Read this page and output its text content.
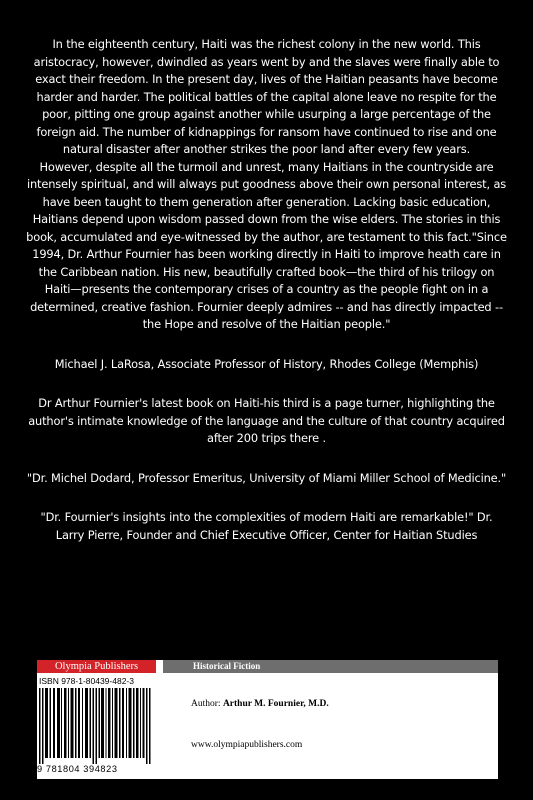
In the eighteenth century, Haiti was the richest colony in the new world. This aristocracy, however, dwindled as years went by and the slaves were finally able to exact their freedom. In the present day, lives of the Haitian peasants have become harder and harder. The political battles of the capital alone leave no respite for the poor, pitting one group against another while usurping a large percentage of the foreign aid. The number of kidnappings for ransom have continued to rise and one natural disaster after another strikes the poor land after every few years.

However, despite all the turmoil and unrest, many Haitians in the countryside are intensely spiritual, and will always put goodness above their own personal interest, as have been taught to them generation after generation. Lacking basic education, Haitians depend upon wisdom passed down from the wise elders. The stories in this book, accumulated and eye-witnessed by the author, are testament to this fact."Since 1994, Dr. Arthur Fournier has been working directly in Haiti to improve heath care in the Caribbean nation. His new, beautifully crafted book—the third of his trilogy on Haiti—presents the contemporary crises of a country as the people fight on in a determined, creative fashion. Fournier deeply admires -- and has directly impacted -- the Hope and resolve of the Haitian people."

Michael J. LaRosa, Associate Professor of History, Rhodes College (Memphis)

Dr Arthur Fournier's latest book on Haiti-his third is a page turner, highlighting the author's intimate knowledge of the language and the culture of that country acquired after 200 trips there .

"Dr. Michel Dodard, Professor Emeritus, University of Miami Miller School of Medicine."

"Dr. Fournier's insights into the complexities of modern Haiti are remarkable!" Dr. Larry Pierre, Founder and Chief Executive Officer, Center for Haitian Studies

Olympia Publishers	Historical Fiction
ISBN 978-1-80439-482-3
9 781804 394823
Author: Arthur M. Fournier, M.D.
www.olympiapublishers.com
